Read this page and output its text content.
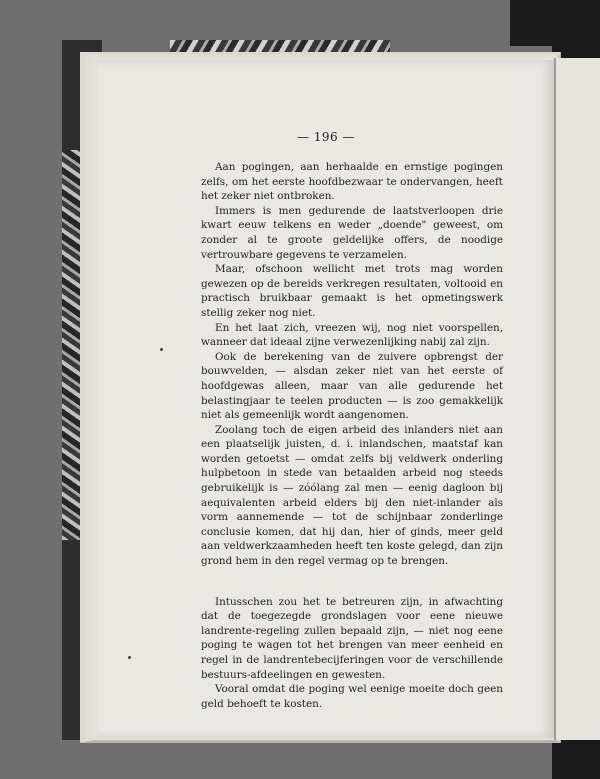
— 196 —

Aan pogingen, aan herhaalde en ernstige pogingen zelfs, om het eerste hoofdbezwaar te ondervangen, heeft het zeker niet ontbroken.

Immers is men gedurende de laatstverloopen drie kwart eeuw telkens en weder „doende" geweest, om zonder al te groote geldelijke offers, de noodige vertrouwbare gegevens te verzamelen.

Maar, ofschoon wellicht met trots mag worden gewezen op de bereids verkregen resultaten, voltooid en practisch bruikbaar gemaakt is het opmetingswerk stellig zeker nog niet.

En het laat zich, vreezen wij, nog niet voorspellen, wanneer dat ideaal zijne verwezenlijking nabij zal zijn.

Ook de berekening van de zuivere opbrengst der bouwvelden, — alsdan zeker niet van het eerste of hoofdgewas alleen, maar van alle gedurende het belastingjaar te teelen producten — is zoo gemakkelijk niet als gemeenlijk wordt aangenomen.

Zoolang toch de eigen arbeid des inlanders niet aan een plaatselijk juisten, d. i. inlandschen, maatstaf kan worden getoetst — omdat zelfs bij veldwerk onderling hulpbetoon in stede van betaalden arbeid nog steeds gebruikelijk is — zóólang zal men — eenig dagloon bij aequivalenten arbeid elders bij den niet-inlander als vorm aannemende — tot de schijnbaar zonderlinge conclusie komen, dat hij dan, hier of ginds, meer geld aan veldwerkzaamheden heeft ten koste gelegd, dan zijn grond hem in den regel vermag op te brengen.

Intusschen zou het te betreuren zijn, in afwachting dat de toegezegde grondslagen voor eene nieuwe landrente-regeling zullen bepaald zijn, — niet nog eene poging te wagen tot het brengen van meer eenheid en regel in de landrentebecijferingen voor de verschillende bestuurs-afdeelingen en gewesten.

Vooral omdat die poging wel eenige moeite doch geen geld behoeft te kosten.
